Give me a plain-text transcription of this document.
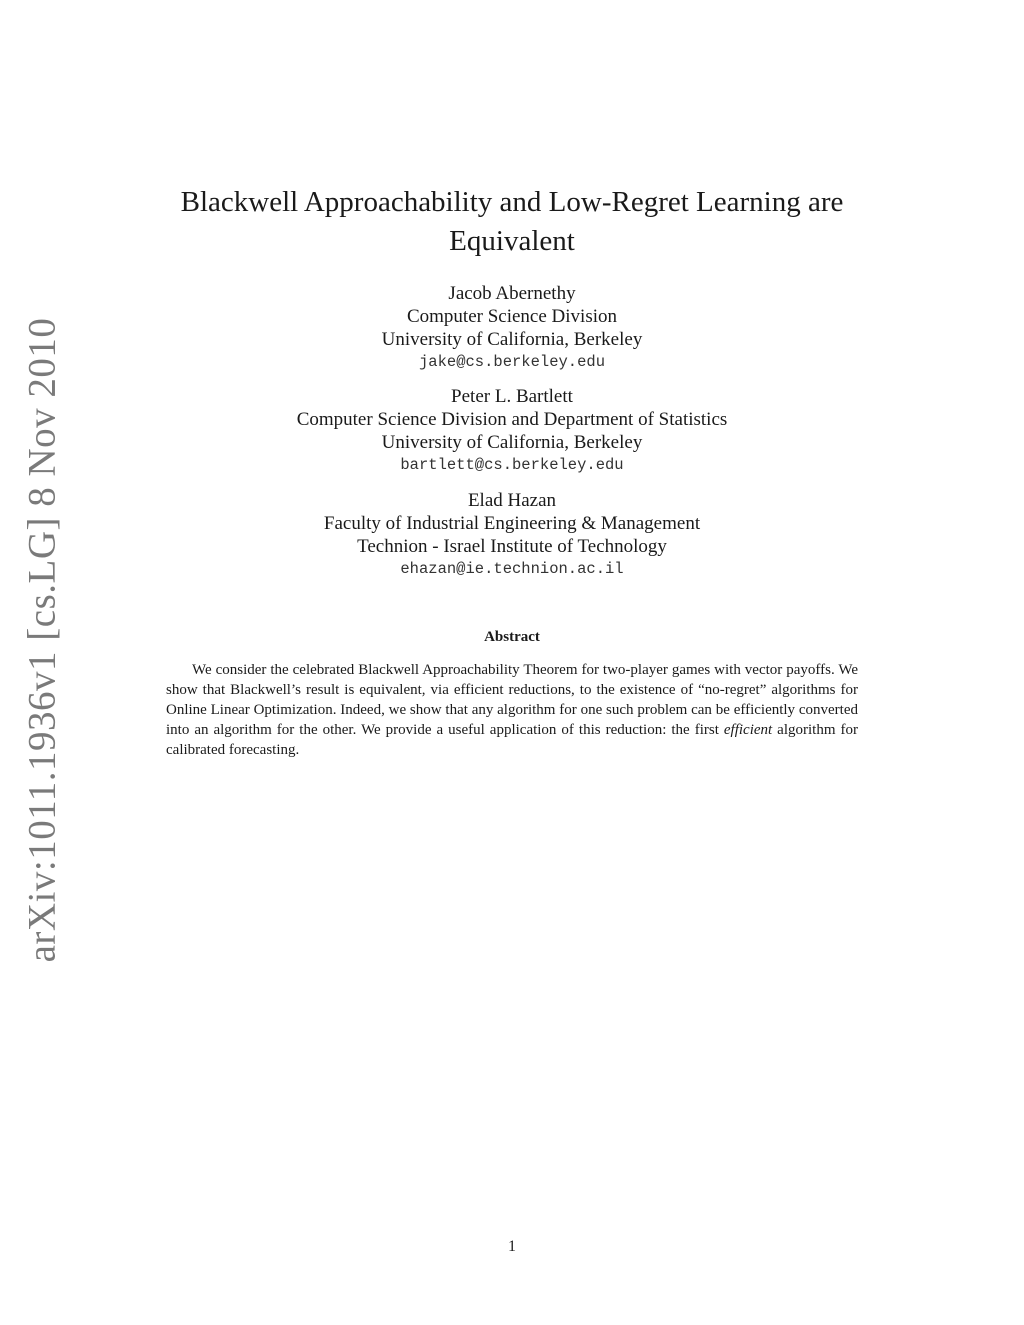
arXiv:1011.1936v1 [cs.LG] 8 Nov 2010
Blackwell Approachability and Low-Regret Learning are Equivalent
Jacob Abernethy
Computer Science Division
University of California, Berkeley
jake@cs.berkeley.edu
Peter L. Bartlett
Computer Science Division and Department of Statistics
University of California, Berkeley
bartlett@cs.berkeley.edu
Elad Hazan
Faculty of Industrial Engineering & Management
Technion - Israel Institute of Technology
ehazan@ie.technion.ac.il
Abstract

We consider the celebrated Blackwell Approachability Theorem for two-player games with vector payoffs. We show that Blackwell’s result is equivalent, via efficient reductions, to the existence of “no-regret” algorithms for Online Linear Optimization. Indeed, we show that any algorithm for one such problem can be efficiently converted into an algorithm for the other. We provide a useful application of this reduction: the first efficient algorithm for calibrated forecasting.

1
